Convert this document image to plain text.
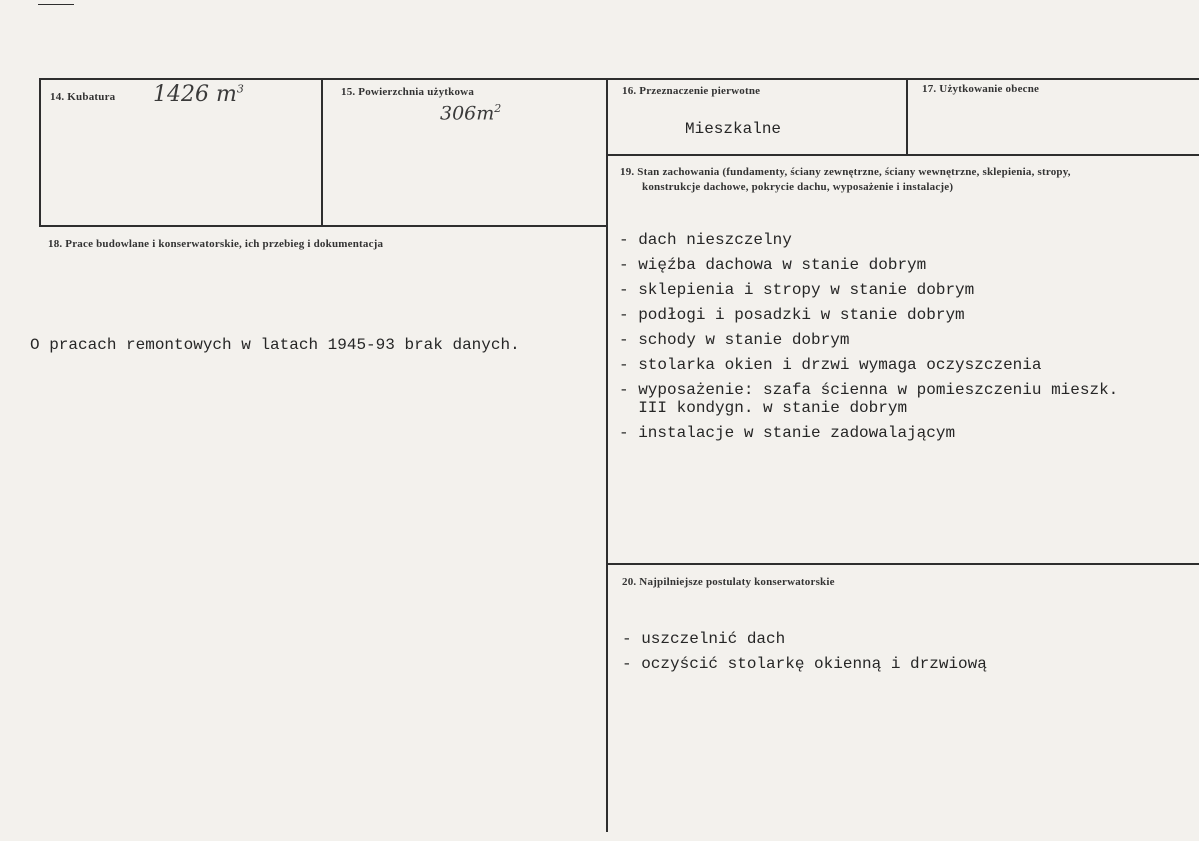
14. Kubatura 1426 $m^3$	15. Powierzchnia użytkowa
$306m^2$
16. Przeznaczenie pierwotne
Mieszkalne
17. Użytkowanie obecne
18. Prace budowlane i konserwatorskie, ich przebieg i dokumentacja
O pracach remontowych w latach 1945-93 brak danych.
19. Stan zachowania (fundamenty, ściany zewnętrzne, ściany wewnętrzne, sklepienia, stropy,
konstrukcje dachowe, pokrycie dachu, wyposażenie i instalacje)
- dach nieszczelny
- więźba dachowa w stanie dobrym
- sklepienia i stropy w stanie dobrym
- podłogi i posadzki w stanie dobrym
- schody w stanie dobrym
- stolarka okien i drzwi wymaga oczyszczenia
- wyposażenie: szafa ścienna w pomieszczeniu mieszk.
III kondygn. w stanie dobrym
- instalacje w stanie zadowalającym
20. Najpilniejsze postulaty konserwatorskie
- uszczelnić dach
- oczyścić stolarkę okienną i drzwiową
